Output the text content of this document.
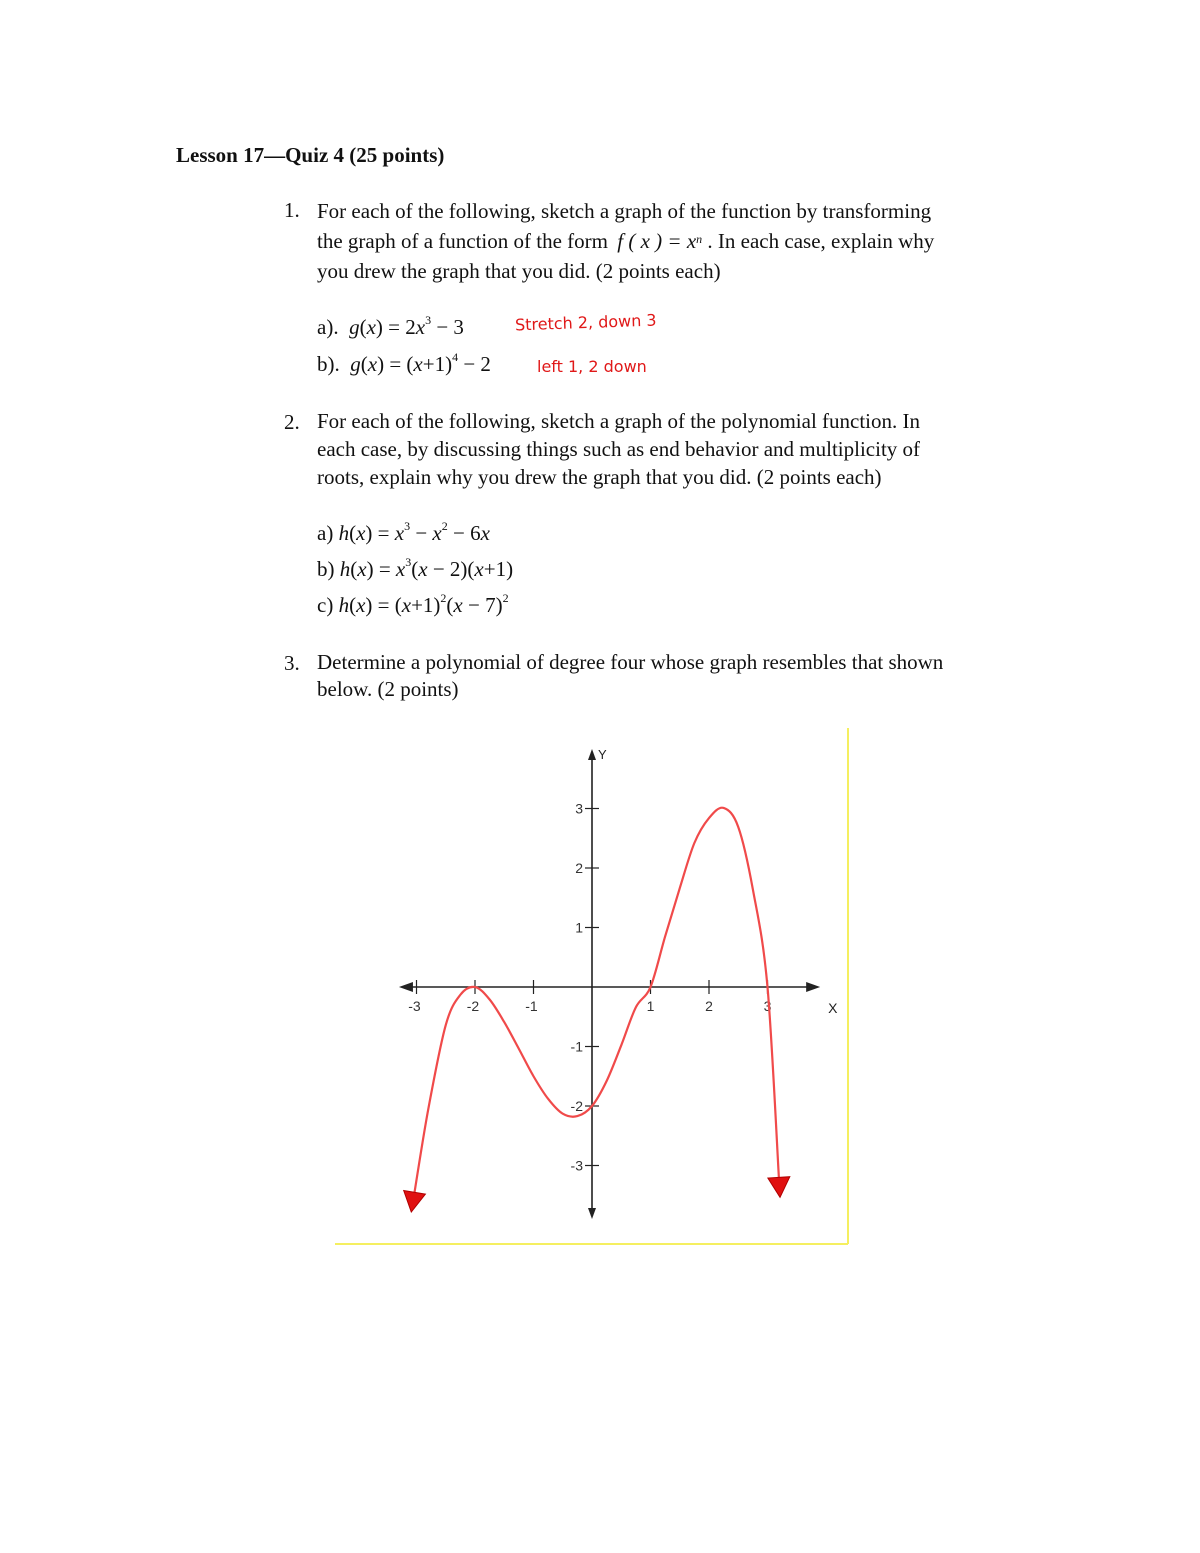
Lesson 17—Quiz 4 (25 points)
1. For each of the following, sketch a graph of the function by transforming
the graph of a function of the form f ( x ) = $x^n$ . In each case, explain why
you drew the graph that you did. (2 points each)
a). $g(x) = 2x^3 - 3$	Stretch 2, down 3
b). $g(x) = (x+1)^4 - 2$	left 1, 2 down
2. For each of the following, sketch a graph of the polynomial function. In
each case, by discussing things such as end behavior and multiplicity of
roots, explain why you drew the graph that you did. (2 points each)
a) $h(x) = x^3 - x^2 - 6x$
b) $h(x) = x^3(x - 2)(x+1)$
c) $h(x) = (x+1)^2(x - 7)^2$
3. Determine a polynomial of degree four whose graph resembles that shown
below. (2 points)
X
Y
-3	-2	-1	1	2	3
3
2
1
-1
-2
-3
